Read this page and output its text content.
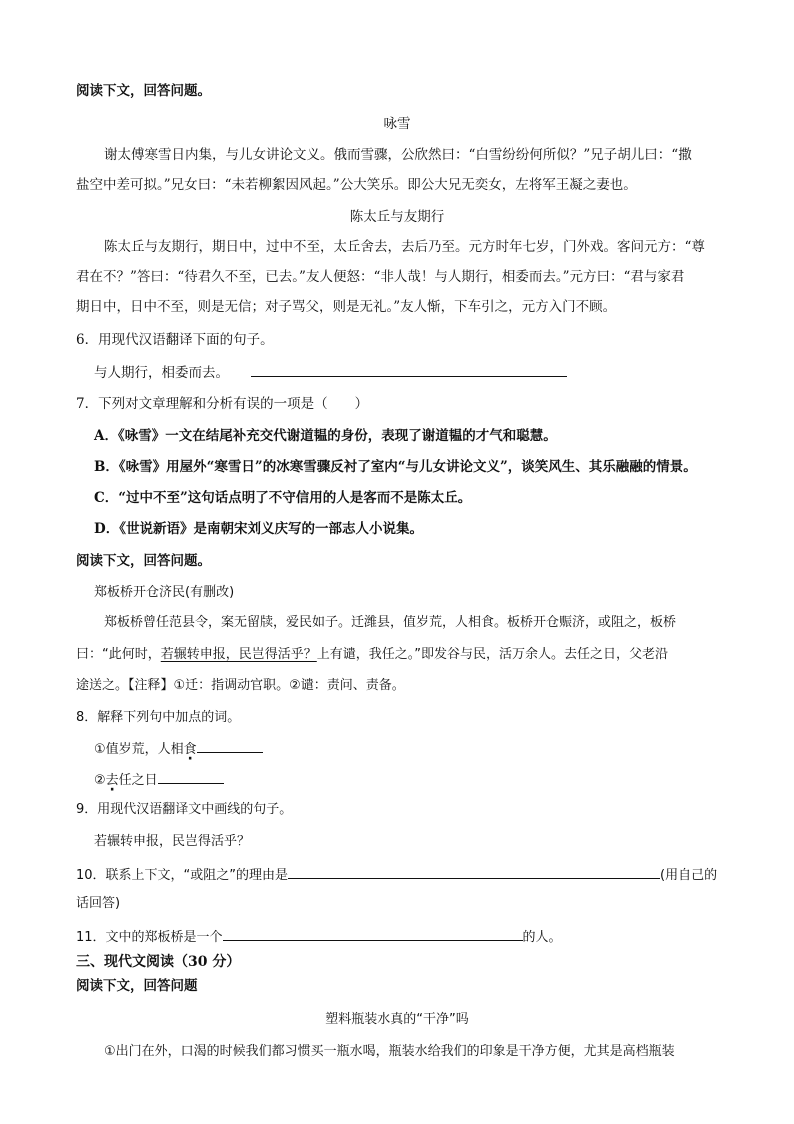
阅读下文，回答问题。
咏雪
谢太傅寒雪日内集，与儿女讲论文义。俄而雪骤，公欣然曰：“白雪纷纷何所似？”兄子胡儿曰：“撒
盐空中差可拟。”兄女曰：“未若柳絮因风起。”公大笑乐。即公大兄无奕女，左将军王凝之妻也。
陈太丘与友期行
陈太丘与友期行，期日中，过中不至，太丘舍去，去后乃至。元方时年七岁，门外戏。客问元方：“尊
君在不？”答曰：“待君久不至，已去。”友人便怒：“非人哉！与人期行，相委而去。”元方曰：“君与家君
期日中，日中不至，则是无信；对子骂父，则是无礼。”友人惭，下车引之，元方入门不顾。
6．用现代汉语翻译下面的句子。
与人期行，相委而去。
7．下列对文章理解和分析有误的一项是（　　）
A．《咏雪》一文在结尾补充交代谢道韫的身份，表现了谢道韫的才气和聪慧。
B．《咏雪》用屋外“寒雪日”的冰寒雪骤反衬了室内“与儿女讲论文义”，谈笑风生、其乐融融的情景。
C．“过中不至”这句话点明了不守信用的人是客而不是陈太丘。
D．《世说新语》是南朝宋刘义庆写的一部志人小说集。
阅读下文，回答问题。
郑板桥开仓济民(有删改)
郑板桥曾任范县令，案无留牍，爱民如子。迁潍县，值岁荒，人相食。板桥开仓赈济，或阻之，板桥
曰：“此何时，若辗转申报，民岂得活乎？上有谴，我任之。”即发谷与民，活万余人。去任之日，父老沿
途送之。【注释】①迁：指调动官职。②谴：责问、责备。
8．解释下列句中加点的词。
①值岁荒，人相食
②去任之日
9．用现代汉语翻译文中画线的句子。
若辗转申报，民岂得活乎？
10．联系上下文，“或阻之”的理由是	(用自己的
话回答)
11．文中的郑板桥是一个	的人。
三、现代文阅读（30 分）
阅读下文，回答问题
塑料瓶装水真的“干净”吗
①出门在外，口渴的时候我们都习惯买一瓶水喝，瓶装水给我们的印象是干净方便，尤其是高档瓶装
